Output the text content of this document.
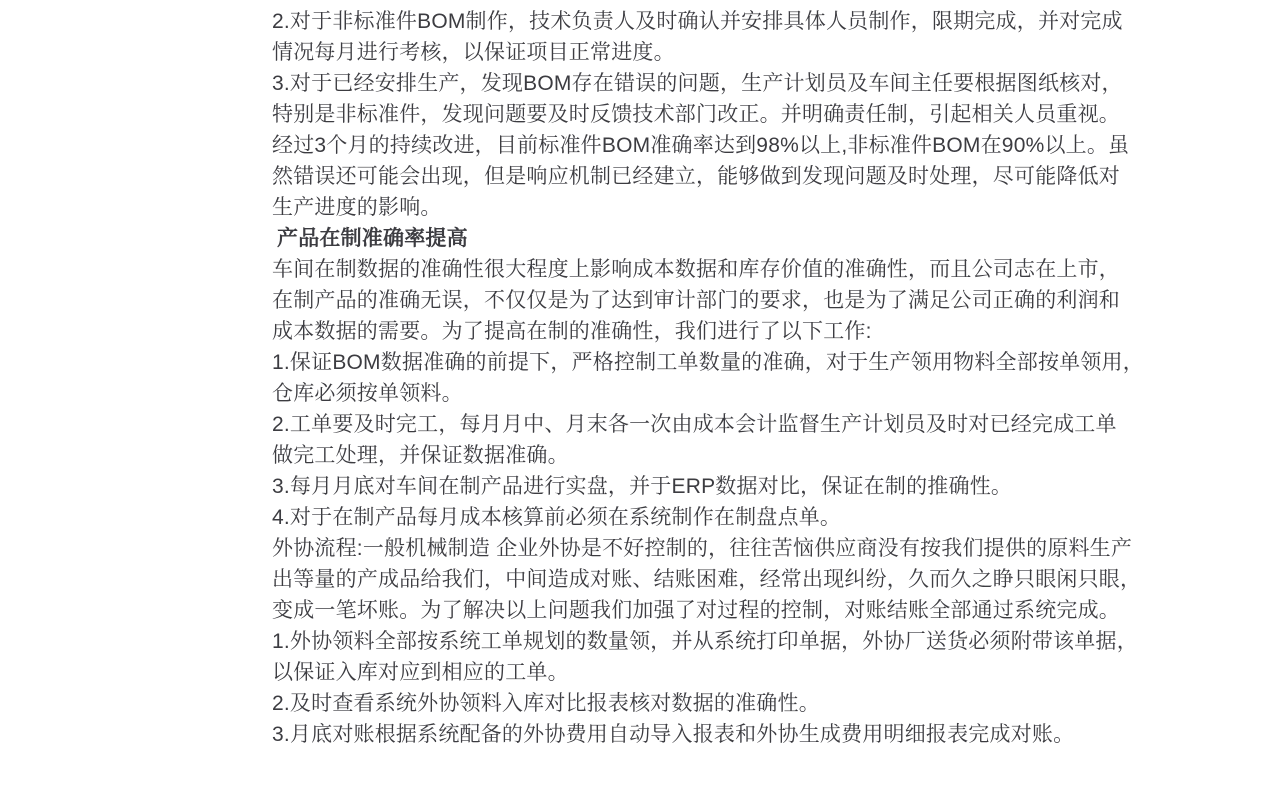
2.对于非标准件BOM制作，技术负责人及时确认并安排具体人员制作，限期完成，并对完成
情况每月进行考核，以保证项目正常进度。
3.对于已经安排生产，发现BOM存在错误的问题，生产计划员及车间主任要根据图纸核对，
特别是非标准件，发现问题要及时反馈技术部门改正。并明确责任制，引起相关人员重视。
经过3个月的持续改进，目前标准件BOM准确率达到98%以上,非标准件BOM在90%以上。虽
然错误还可能会出现，但是响应机制已经建立，能够做到发现问题及时处理，尽可能降低对
生产进度的影响。
产品在制准确率提高
车间在制数据的准确性很大程度上影响成本数据和库存价值的准确性，而且公司志在上市，
在制产品的准确无误，不仅仅是为了达到审计部门的要求，也是为了满足公司正确的利润和
成本数据的需要。为了提高在制的准确性，我们进行了以下工作:
1.保证BOM数据准确的前提下，严格控制工单数量的准确，对于生产领用物料全部按单领用，
仓库必须按单领料。
2.工单要及时完工，每月月中、月末各一次由成本会计监督生产计划员及时对已经完成工单
做完工处理，并保证数据准确。
3.每月月底对车间在制产品进行实盘，并于ERP数据对比，保证在制的推确性。
4.对于在制产品每月成本核算前必须在系统制作在制盘点单。
外协流程:一般机械制造 企业外协是不好控制的，往往苦恼供应商没有按我们提供的原料生产
出等量的产成品给我们，中间造成对账、结账困难，经常出现纠纷，久而久之睁只眼闲只眼，
变成一笔坏账。为了解决以上问题我们加强了对过程的控制，对账结账全部通过系统完成。
1.外协领料全部按系统工单规划的数量领，并从系统打印单据，外协厂送货必须附带该单据，
以保证入库对应到相应的工单。
2.及时查看系统外协领料入库对比报表核对数据的准确性。
3.月底对账根据系统配备的外协费用自动导入报表和外协生成费用明细报表完成对账。
